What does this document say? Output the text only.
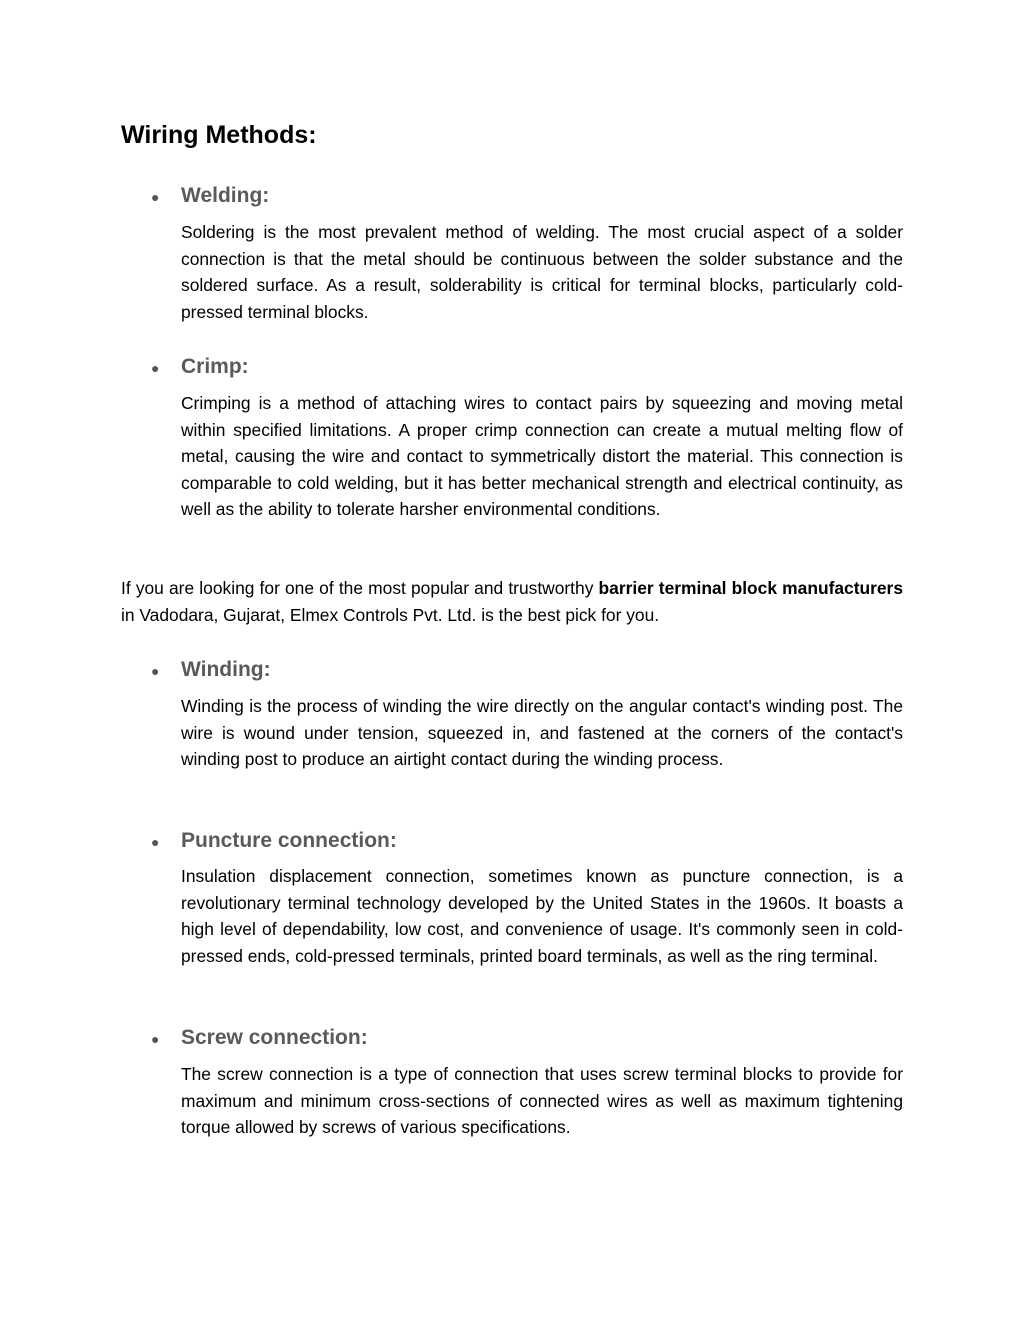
Wiring Methods:
● Welding:

Soldering is the most prevalent method of welding. The most crucial aspect of a solder connection is that the metal should be continuous between the solder substance and the soldered surface. As a result, solderability is critical for terminal blocks, particularly cold-pressed terminal blocks.

● Crimp:

Crimping is a method of attaching wires to contact pairs by squeezing and moving metal within specified limitations. A proper crimp connection can create a mutual melting flow of metal, causing the wire and contact to symmetrically distort the material. This connection is comparable to cold welding, but it has better mechanical strength and electrical continuity, as well as the ability to tolerate harsher environmental conditions.

If you are looking for one of the most popular and trustworthy barrier terminal block manufacturers in Vadodara, Gujarat, Elmex Controls Pvt. Ltd. is the best pick for you.

● Winding:

Winding is the process of winding the wire directly on the angular contact's winding post. The wire is wound under tension, squeezed in, and fastened at the corners of the contact's winding post to produce an airtight contact during the winding process.

● Puncture connection:

Insulation displacement connection, sometimes known as puncture connection, is a revolutionary terminal technology developed by the United States in the 1960s. It boasts a high level of dependability, low cost, and convenience of usage. It's commonly seen in cold-pressed ends, cold-pressed terminals, printed board terminals, as well as the ring terminal.

● Screw connection:

The screw connection is a type of connection that uses screw terminal blocks to provide for maximum and minimum cross-sections of connected wires as well as maximum tightening torque allowed by screws of various specifications.
